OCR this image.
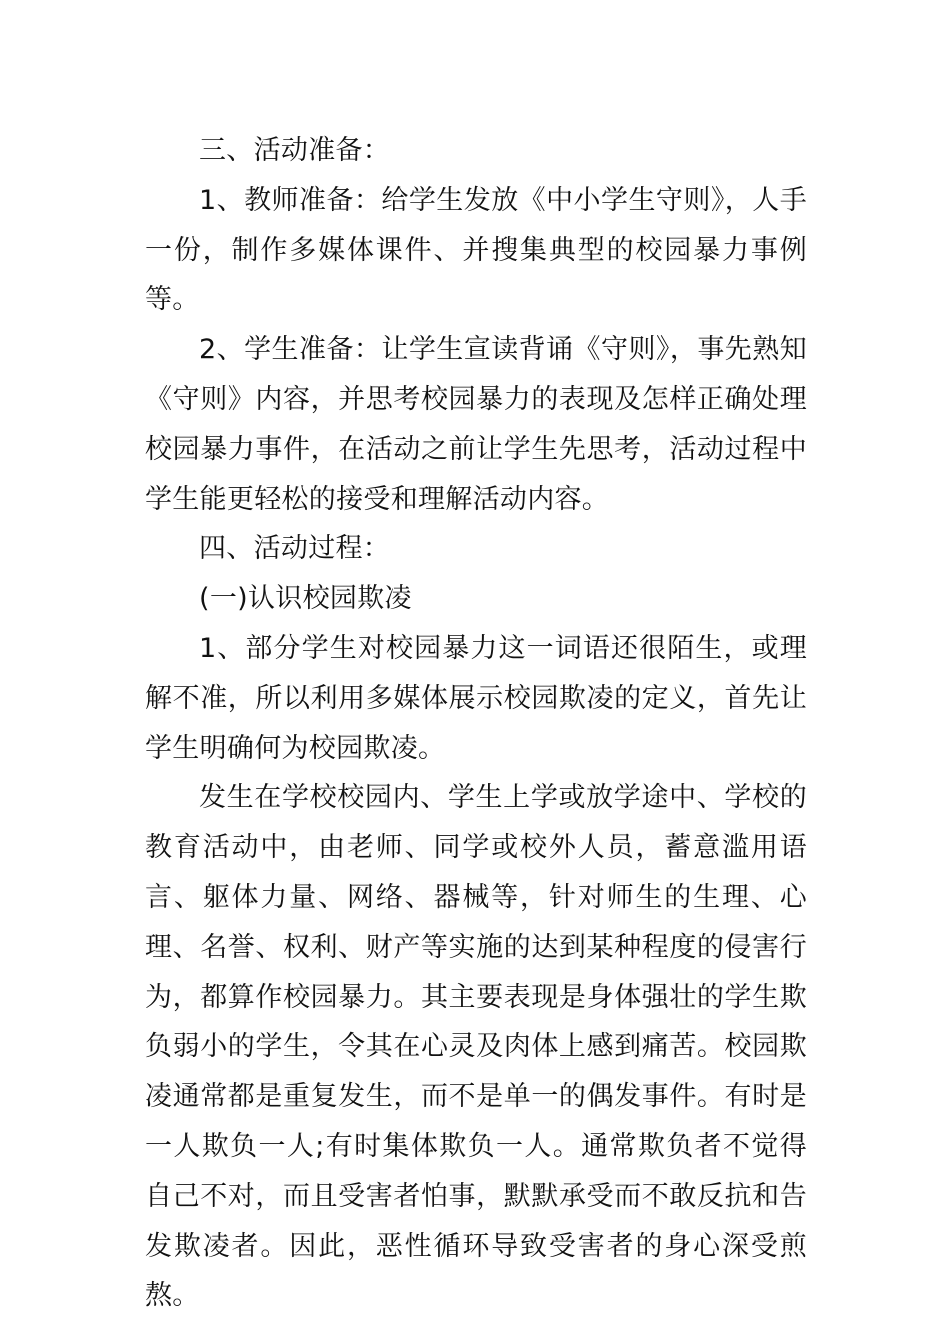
三、活动准备：

1、教师准备：给学生发放《中小学生守则》，人手一份，制作多媒体课件、并搜集典型的校园暴力事例等。

2、学生准备：让学生宣读背诵《守则》，事先熟知《守则》内容，并思考校园暴力的表现及怎样正确处理校园暴力事件，在活动之前让学生先思考，活动过程中学生能更轻松的接受和理解活动内容。

四、活动过程：

(一)认识校园欺凌

1、部分学生对校园暴力这一词语还很陌生，或理解不准，所以利用多媒体展示校园欺凌的定义，首先让学生明确何为校园欺凌。

发生在学校校园内、学生上学或放学途中、学校的教育活动中，由老师、同学或校外人员，蓄意滥用语言、躯体力量、网络、器械等，针对师生的生理、心理、名誉、权利、财产等实施的达到某种程度的侵害行为，都算作校园暴力。其主要表现是身体强壮的学生欺负弱小的学生，令其在心灵及肉体上感到痛苦。校园欺凌通常都是重复发生，而不是单一的偶发事件。有时是一人欺负一人;有时集体欺负一人。通常欺负者不觉得自己不对，而且受害者怕事，默默承受而不敢反抗和告发欺凌者。因此，恶性循环导致受害者的身心深受煎熬。
